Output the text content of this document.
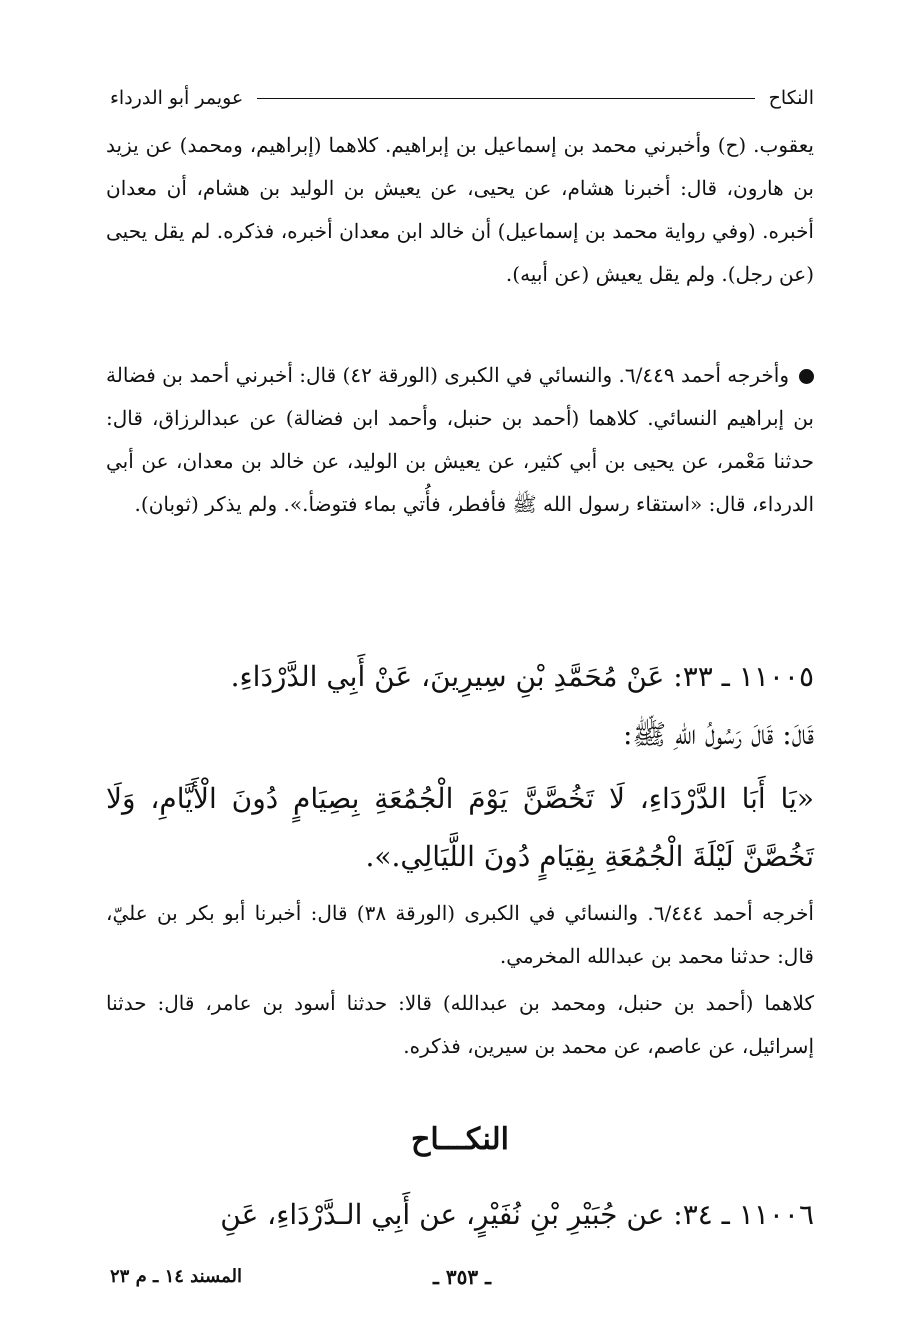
النكاح
عويمر أبو الدرداء

يعقوب. (ح) وأخبرني محمد بن إسماعيل بن إبراهيم. كلاهما (إبراهيم، ومحمد) عن يزيد بن هارون، قال: أخبرنا هشام، عن يحيى، عن يعيش بن الوليد بن هشام، أن معدان أخبره. (وفي رواية محمد بن إسماعيل) أن خالد ابن معدان أخبره، فذكره. لم يقل يحيى (عن رجل). ولم يقل يعيش (عن أبيه).

وأخرجه أحمد ٦/٤٤٩. والنسائي في الكبرى (الورقة ٤٢) قال: أخبرني أحمد بن فضالة بن إبراهيم النسائي. كلاهما (أحمد بن حنبل، وأحمد ابن فضالة) عن عبدالرزاق، قال: حدثنا مَعْمر، عن يحيى بن أبي كثير، عن يعيش بن الوليد، عن خالد بن معدان، عن أبي الدرداء، قال: «استقاء رسول الله ﷺ فأفطر، فأُتي بماء فتوضأ.». ولم يذكر (ثوبان).

١١٠٠٥ ـ ٣٣: عَنْ مُحَمَّدِ بْنِ سِيرِينَ، عَنْ أَبِي الدَّرْدَاءِ.

قَالَ: قَالَ رَسُولُ اللهِ ﷺ:

«يَا أَبَا الدَّرْدَاءِ، لَا تَخُصَّنَّ يَوْمَ الْجُمُعَةِ بِصِيَامٍ دُونَ الْأَيَّامِ، وَلَا تَخُصَّنَّ لَيْلَةَ الْجُمُعَةِ بِقِيَامٍ دُونَ اللَّيَالِي.».

أخرجه أحمد ٦/٤٤٤. والنسائي في الكبرى (الورقة ٣٨) قال: أخبرنا أبو بكر بن عليّ، قال: حدثنا محمد بن عبدالله المخرمي.

كلاهما (أحمد بن حنبل، ومحمد بن عبدالله) قالا: حدثنا أسود بن عامر، قال: حدثنا إسرائيل، عن عاصم، عن محمد بن سيرين، فذكره.

النكـــاح

١١٠٠٦ ـ ٣٤: عن جُبَيْرِ بْنِ نُفَيْرٍ، عن أَبِي الـدَّرْدَاءِ، عَنِ

ـ ٣٥٣ ـ
المسند ١٤ ـ م ٢٣
